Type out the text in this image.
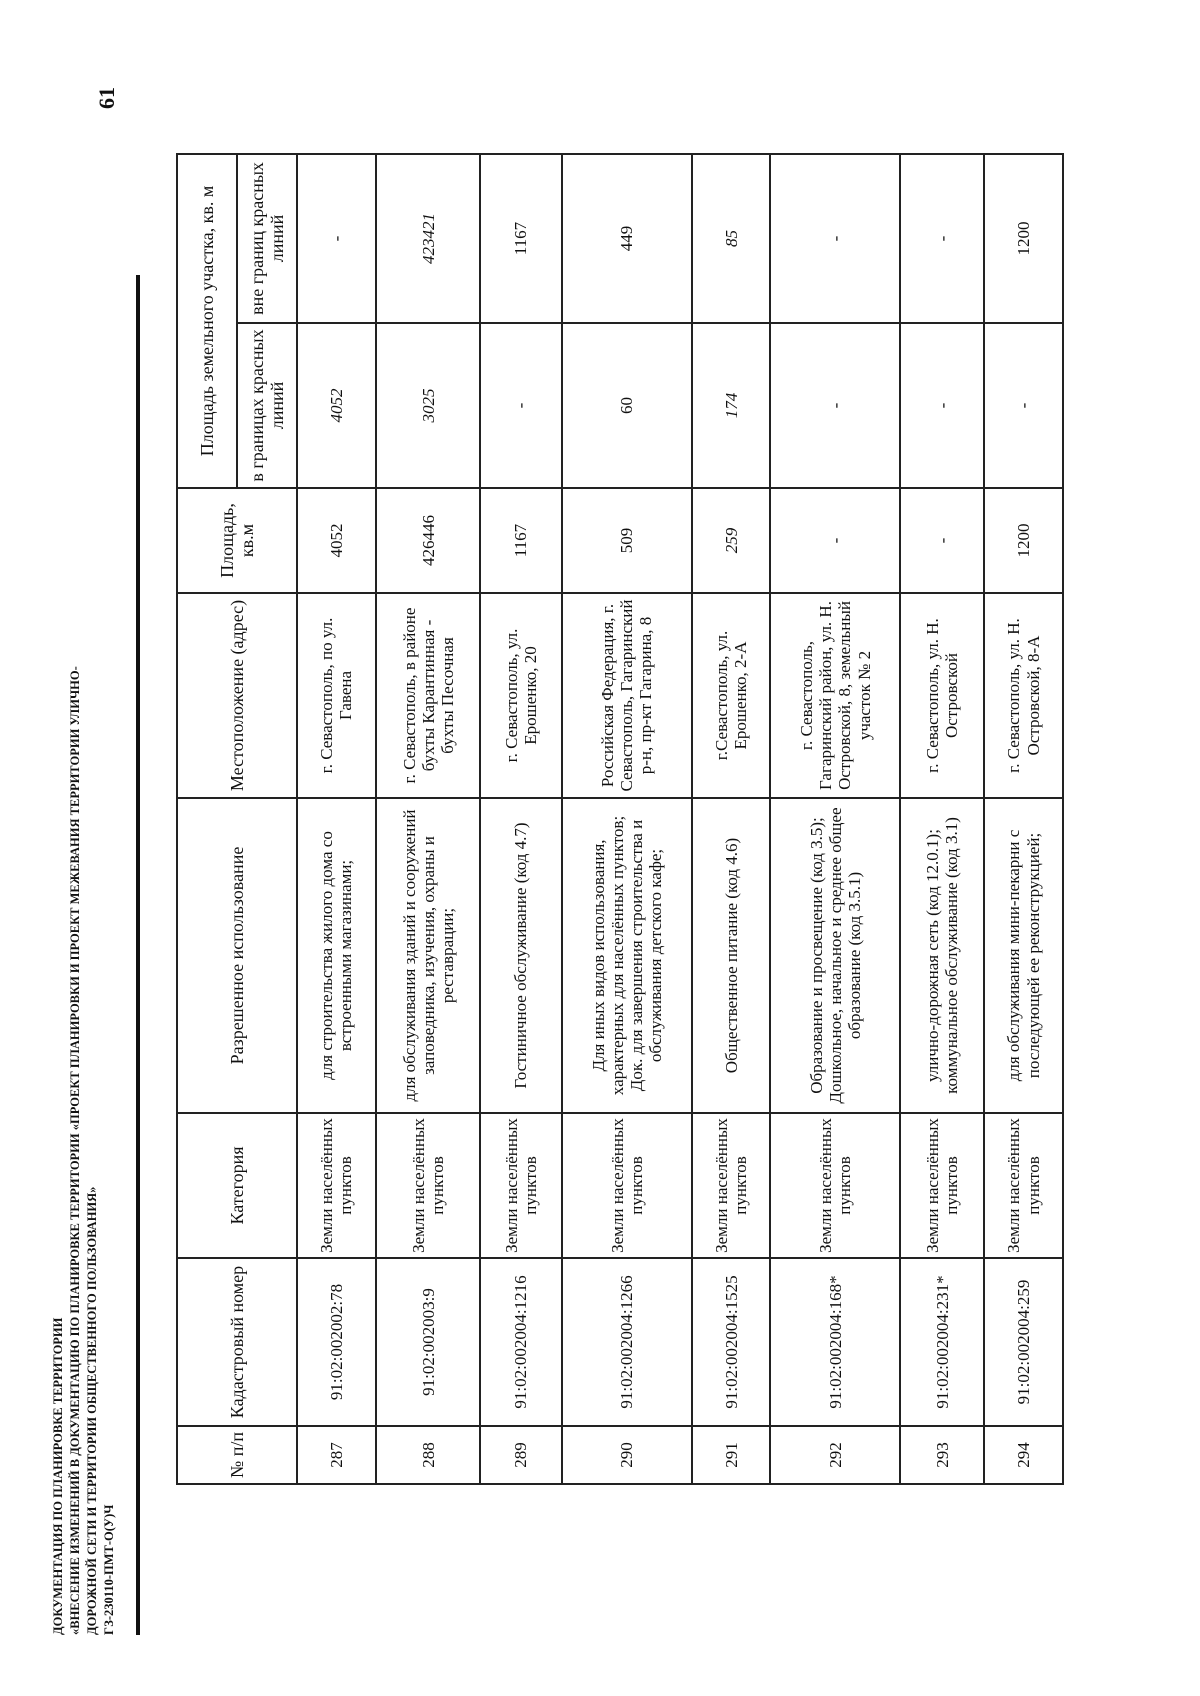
61
ДОКУМЕНТАЦИЯ ПО ПЛАНИРОВКЕ ТЕРРИТОРИИ «ВНЕСЕНИЕ ИЗМЕНЕНИЙ В ДОКУМЕНТАЦИЮ ПО ПЛАНИРОВКЕ ТЕРРИТОРИИ «ПРОЕКТ ПЛАНИРОВКИ И ПРОЕКТ МЕЖЕВАНИЯ ТЕРРИТОРИИ УЛИЧНО- ДОРОЖНОЙ СЕТИ И ТЕРРИТОРИИ ОБЩЕСТВЕННОГО ПОЛЬЗОВАНИЯ» ГЗ-230110-ПМТ-О(У)Ч
№ п/п	Кадастровый номер	Категория	Разрешенное использование	Местоположение (адрес)	Площадь, кв.м	Площадь земельного участка, кв. м	
						в границах красных линий	вне границ красных линий
287	91:02:002002:78	Земли населённых пунктов	для строительства жилого дома со встроенными магазинами;	г. Севастополь, по ул. Гавена	4052	4052	-
288	91:02:002003:9	Земли населённых пунктов	для обслуживания зданий и сооружений заповедника, изучения, охраны и реставрации;	г. Севастополь, в районе бухты Карантинная - бухты Песочная	426446	3025	423421
289	91:02:002004:1216	Земли населённых пунктов	Гостиничное обслуживание (код 4.7)	г. Севастополь, ул. Ерошенко, 20	1167	-	1167
290	91:02:002004:1266	Земли населённых пунктов	Для иных видов использования, характерных для населённых пунктов; Док. для завершения строительства и обслуживания детского кафе;	Российская Федерация, г. Севастополь, Гагаринский р-н, пр-кт Гагарина, 8	509	60	449
291	91:02:002004:1525	Земли населённых пунктов	Общественное питание (код 4.6)	г.Севастополь, ул. Ерошенко, 2-А	259	174	85
292	91:02:002004:168*	Земли населённых пунктов	Образование и просвещение (код 3.5); Дошкольное, начальное и среднее общее образование (код 3.5.1)	г. Севастополь, Гагаринский район, ул. Н. Островской, 8, земельный участок № 2	-	-	-
293	91:02:002004:231*	Земли населённых пунктов	улично-дорожная сеть (код 12.0.1); коммунальное обслуживание (код 3.1)	г. Севастополь, ул. Н. Островской	-	-	-
294	91:02:002004:259	Земли населённых пунктов	для обслуживания мини-пекарни с последующей ее реконструкцией;	г. Севастополь, ул. Н. Островской, 8-А	1200	-	1200
